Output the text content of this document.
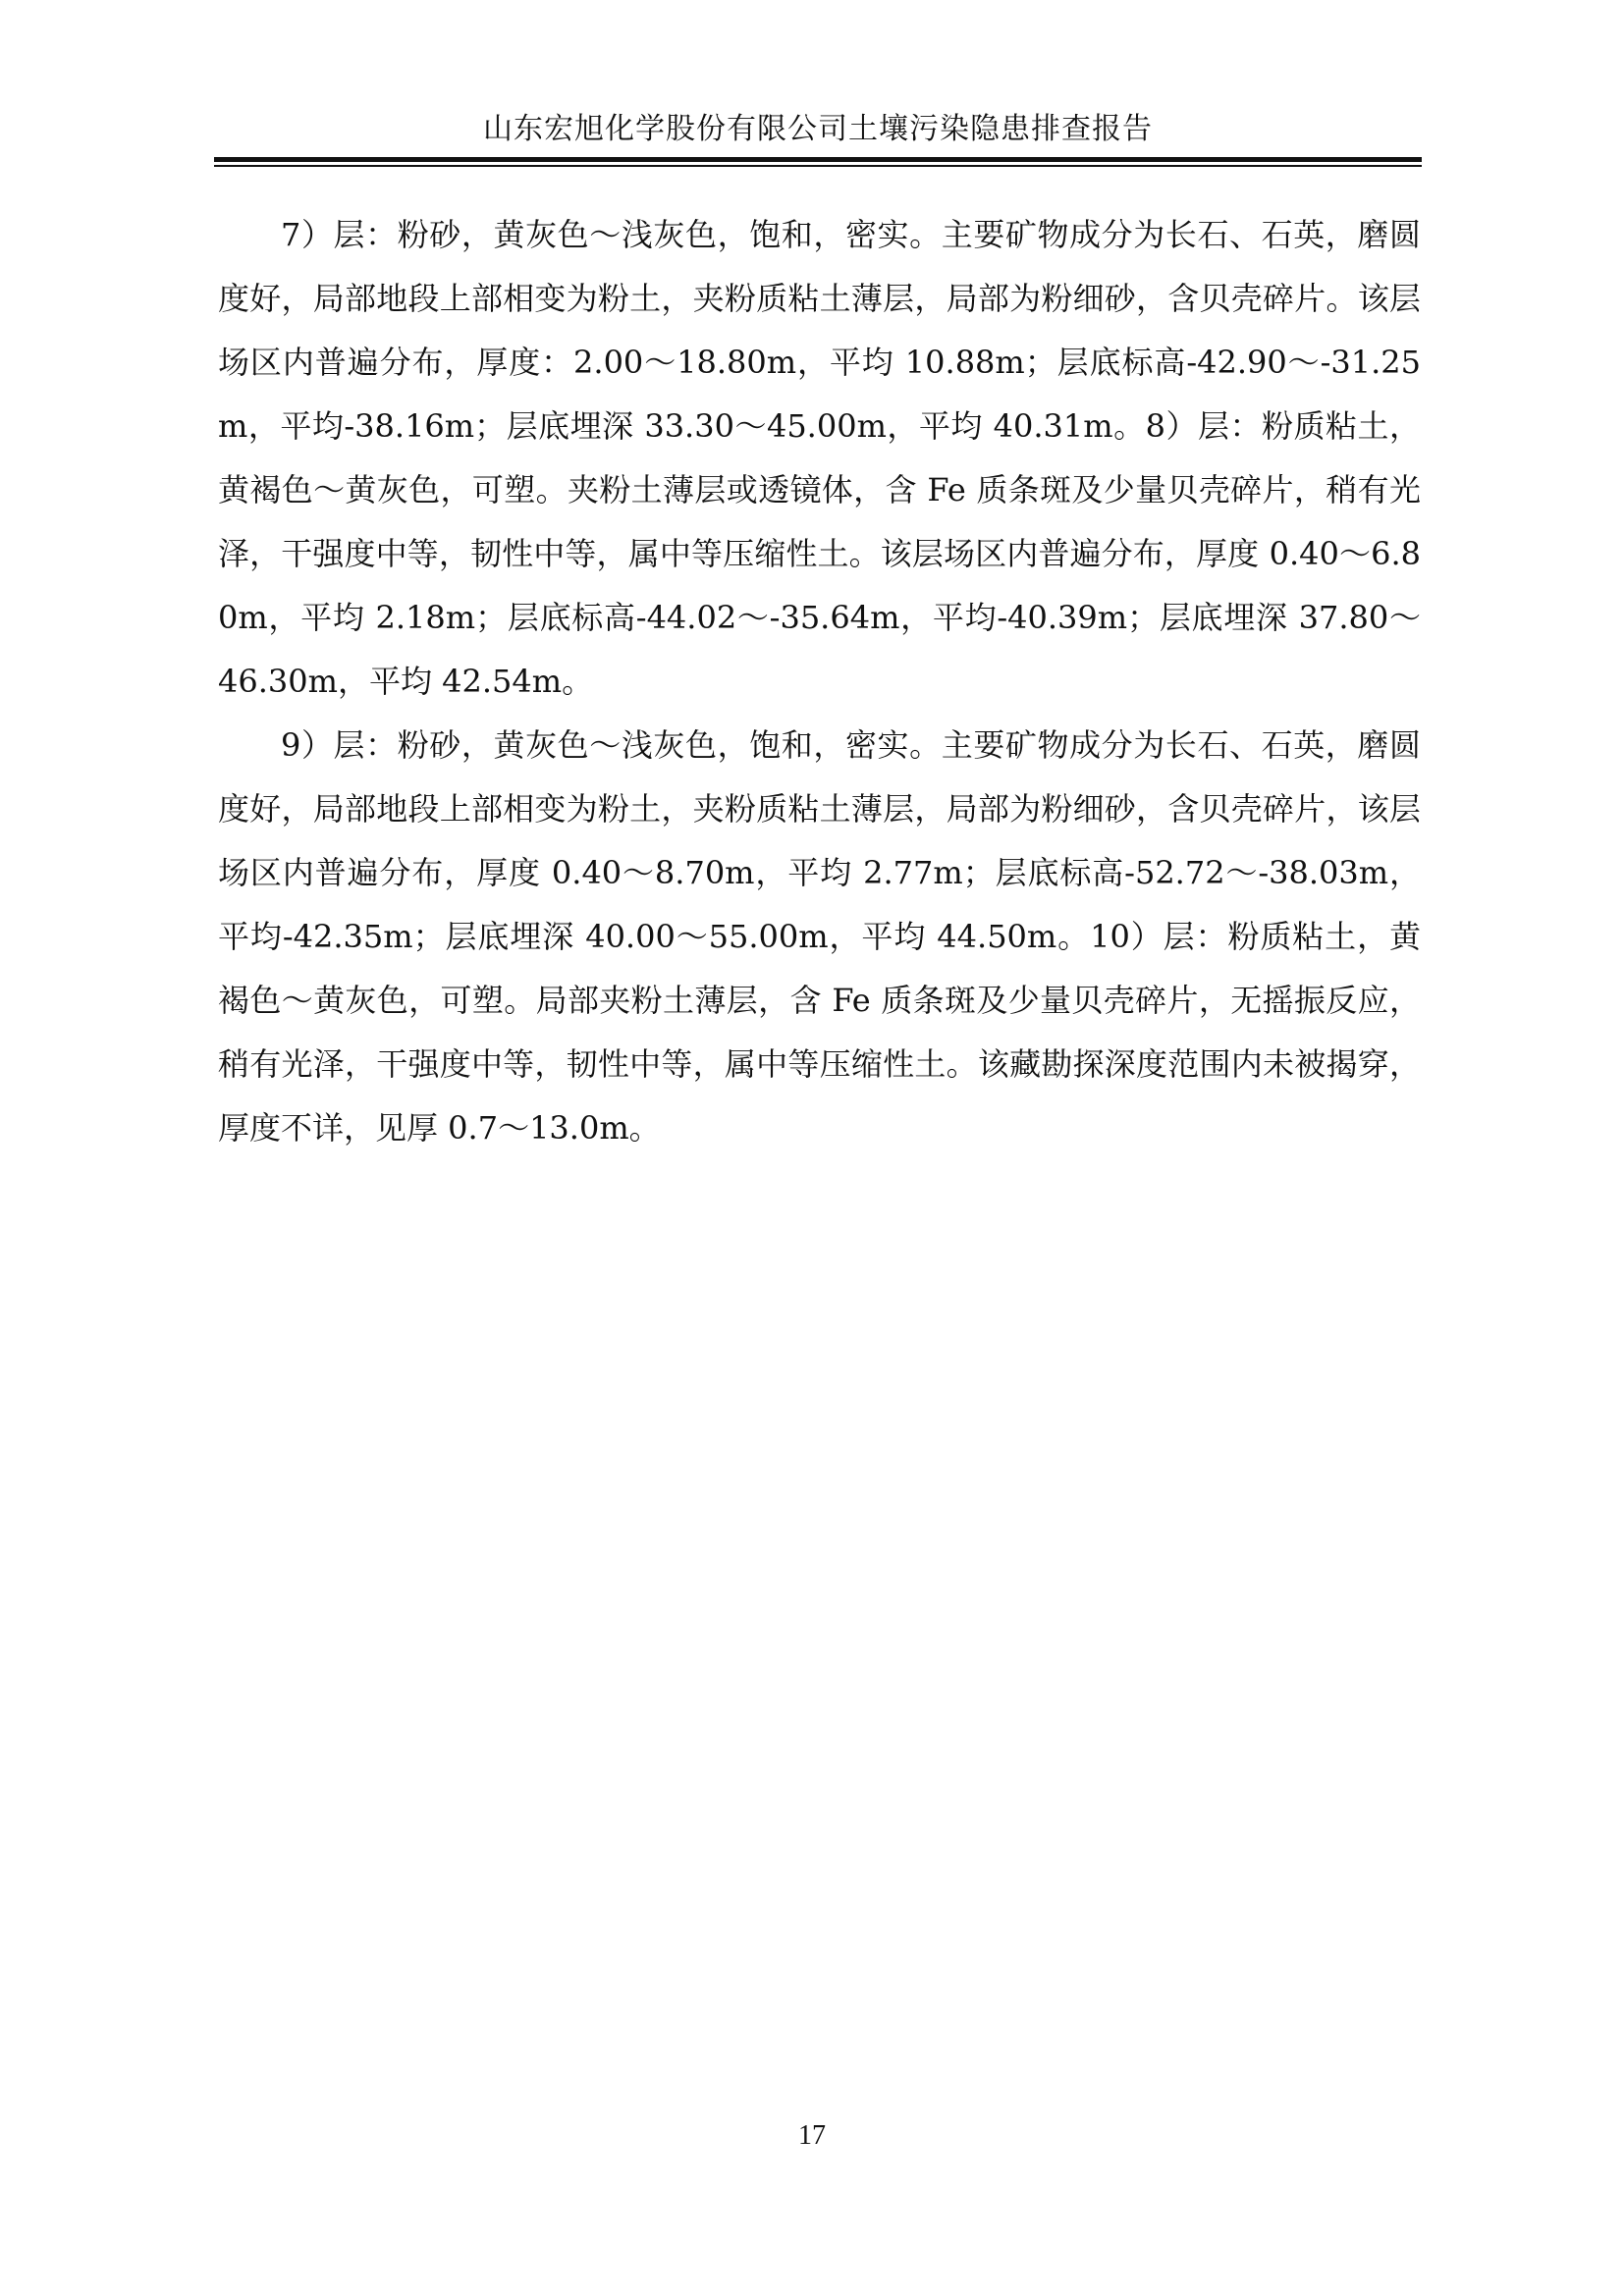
山东宏旭化学股份有限公司土壤污染隐患排查报告

7）层：粉砂，黄灰色～浅灰色，饱和，密实。主要矿物成分为长石、石英，磨圆度好，局部地段上部相变为粉土，夹粉质粘土薄层，局部为粉细砂，含贝壳碎片。该层场区内普遍分布，厚度：2.00～18.80m，平均 10.88m；层底标高-42.90～-31.25m，平均-38.16m；层底埋深 33.30～45.00m，平均 40.31m。8）层：粉质粘土，黄褐色～黄灰色，可塑。夹粉土薄层或透镜体，含 Fe 质条斑及少量贝壳碎片，稍有光泽，干强度中等，韧性中等，属中等压缩性土。该层场区内普遍分布，厚度 0.40～6.80m，平均 2.18m；层底标高-44.02～-35.64m，平均-40.39m；层底埋深 37.80～46.30m，平均 42.54m。

9）层：粉砂，黄灰色～浅灰色，饱和，密实。主要矿物成分为长石、石英，磨圆度好，局部地段上部相变为粉土，夹粉质粘土薄层，局部为粉细砂，含贝壳碎片，该层场区内普遍分布，厚度 0.40～8.70m，平均 2.77m；层底标高-52.72～-38.03m，平均-42.35m；层底埋深 40.00～55.00m，平均 44.50m。10）层：粉质粘土，黄褐色～黄灰色，可塑。局部夹粉土薄层，含 Fe 质条斑及少量贝壳碎片，无摇振反应，稍有光泽，干强度中等，韧性中等，属中等压缩性土。该藏勘探深度范围内未被揭穿，厚度不详，见厚 0.7～13.0m。

17
